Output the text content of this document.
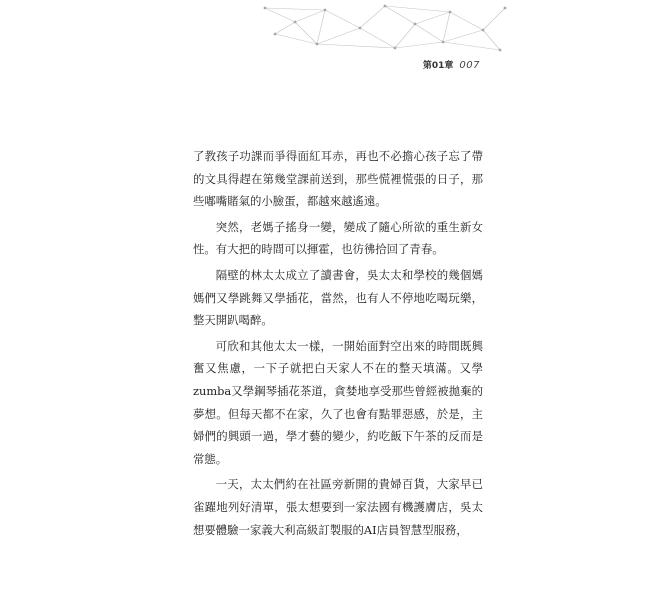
第01章 007

了教孩子功課而爭得面紅耳赤，再也不必擔心孩子忘了帶的文具得趕在第幾堂課前送到，那些慌裡慌張的日子，那些嘟嘴賭氣的小臉蛋，都越來越遙遠。

突然，老媽子搖身一變，變成了隨心所欲的重生新女性。有大把的時間可以揮霍，也彷彿拾回了青春。

隔壁的林太太成立了讀書會，吳太太和學校的幾個媽媽們又學跳舞又學插花，當然，也有人不停地吃喝玩樂，整天開趴喝醉。

可欣和其他太太一樣，一開始面對空出來的時間既興奮又焦慮，一下子就把白天家人不在的整天填滿。又學zumba又學鋼琴插花茶道，貪婪地享受那些曾經被拋棄的夢想。但每天都不在家，久了也會有點罪惡感，於是，主婦們的興頭一過，學才藝的變少，約吃飯下午茶的反而是常態。

一天，太太們約在社區旁新開的貴婦百貨，大家早已雀躍地列好清單，張太想要到一家法國有機護膚店，吳太想要體驗一家義大利高級訂製服的AI店員智慧型服務，
